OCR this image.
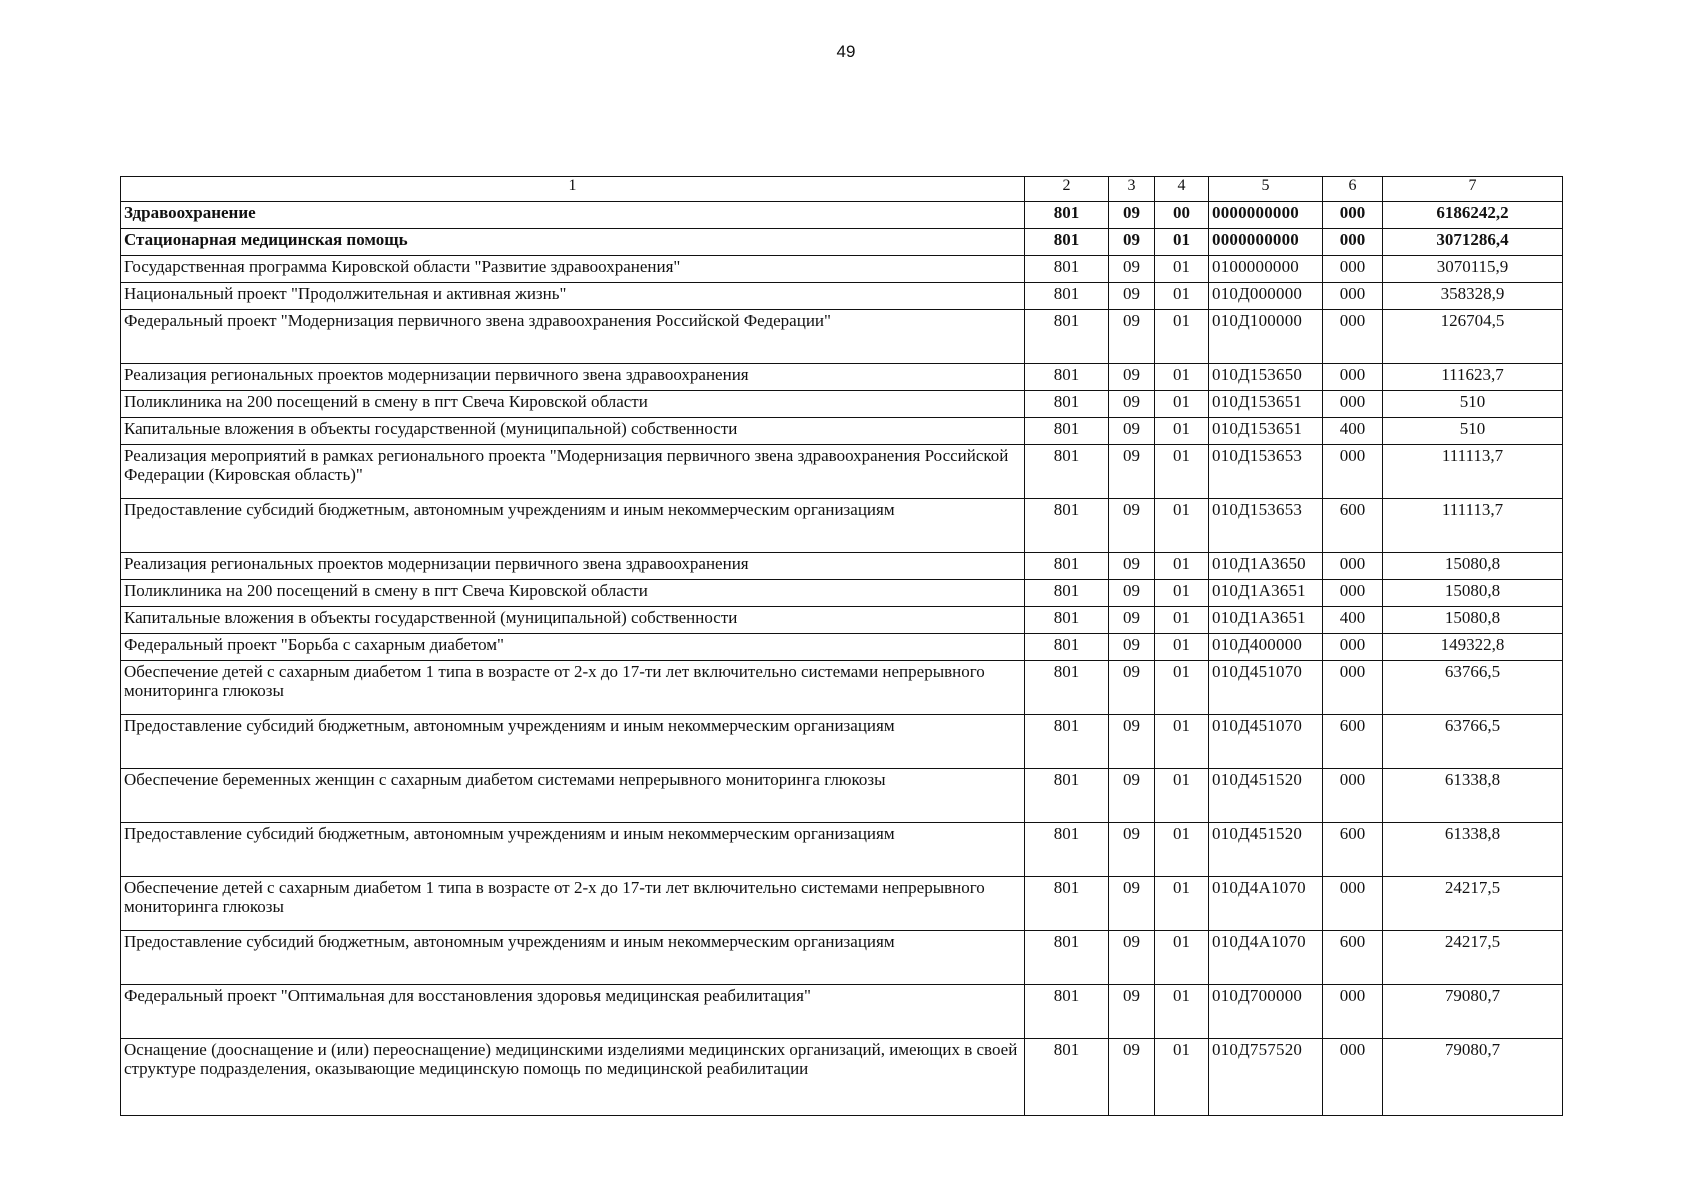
49
1	2	3	4	5	6	7
Здравоохранение	801	09	00	0000000000	000	6186242,2
Стационарная медицинская помощь	801	09	01	0000000000	000	3071286,4
Государственная программа Кировской области "Развитие здравоохранения"	801	09	01	0100000000	000	3070115,9
Национальный проект "Продолжительная и активная жизнь"	801	09	01	010Д000000	000	358328,9
Федеральный проект "Модернизация первичного звена здравоохранения Российской Федерации"	801	09	01	010Д100000	000	126704,5
Реализация региональных проектов модернизации первичного звена здравоохранения	801	09	01	010Д153650	000	111623,7
Поликлиника на 200 посещений в смену в пгт Свеча Кировской области	801	09	01	010Д153651	000	510
Капитальные вложения в объекты государственной (муниципальной) собственности	801	09	01	010Д153651	400	510
Реализация мероприятий в рамках регионального проекта "Модернизация первичного звена здравоохранения Российской Федерации (Кировская область)"	801	09	01	010Д153653	000	111113,7
Предоставление субсидий бюджетным, автономным учреждениям и иным некоммерческим организациям	801	09	01	010Д153653	600	111113,7
Реализация региональных проектов модернизации первичного звена здравоохранения	801	09	01	010Д1А3650	000	15080,8
Поликлиника на 200 посещений в смену в пгт Свеча Кировской области	801	09	01	010Д1А3651	000	15080,8
Капитальные вложения в объекты государственной (муниципальной) собственности	801	09	01	010Д1А3651	400	15080,8
Федеральный проект "Борьба с сахарным диабетом"	801	09	01	010Д400000	000	149322,8
Обеспечение детей с сахарным диабетом 1 типа в возрасте от 2-х до 17-ти лет включительно системами непрерывного мониторинга глюкозы	801	09	01	010Д451070	000	63766,5
Предоставление субсидий бюджетным, автономным учреждениям и иным некоммерческим организациям	801	09	01	010Д451070	600	63766,5
Обеспечение беременных женщин с сахарным диабетом системами непрерывного мониторинга глюкозы	801	09	01	010Д451520	000	61338,8
Предоставление субсидий бюджетным, автономным учреждениям и иным некоммерческим организациям	801	09	01	010Д451520	600	61338,8
Обеспечение детей с сахарным диабетом 1 типа в возрасте от 2-х до 17-ти лет включительно системами непрерывного мониторинга глюкозы	801	09	01	010Д4А1070	000	24217,5
Предоставление субсидий бюджетным, автономным учреждениям и иным некоммерческим организациям	801	09	01	010Д4А1070	600	24217,5
Федеральный проект "Оптимальная для восстановления здоровья медицинская реабилитация"	801	09	01	010Д700000	000	79080,7
Оснащение (дооснащение и (или) переоснащение) медицинскими изделиями медицинских организаций, имеющих в своей структуре подразделения, оказывающие медицинскую помощь по медицинской реабилитации	801	09	01	010Д757520	000	79080,7
